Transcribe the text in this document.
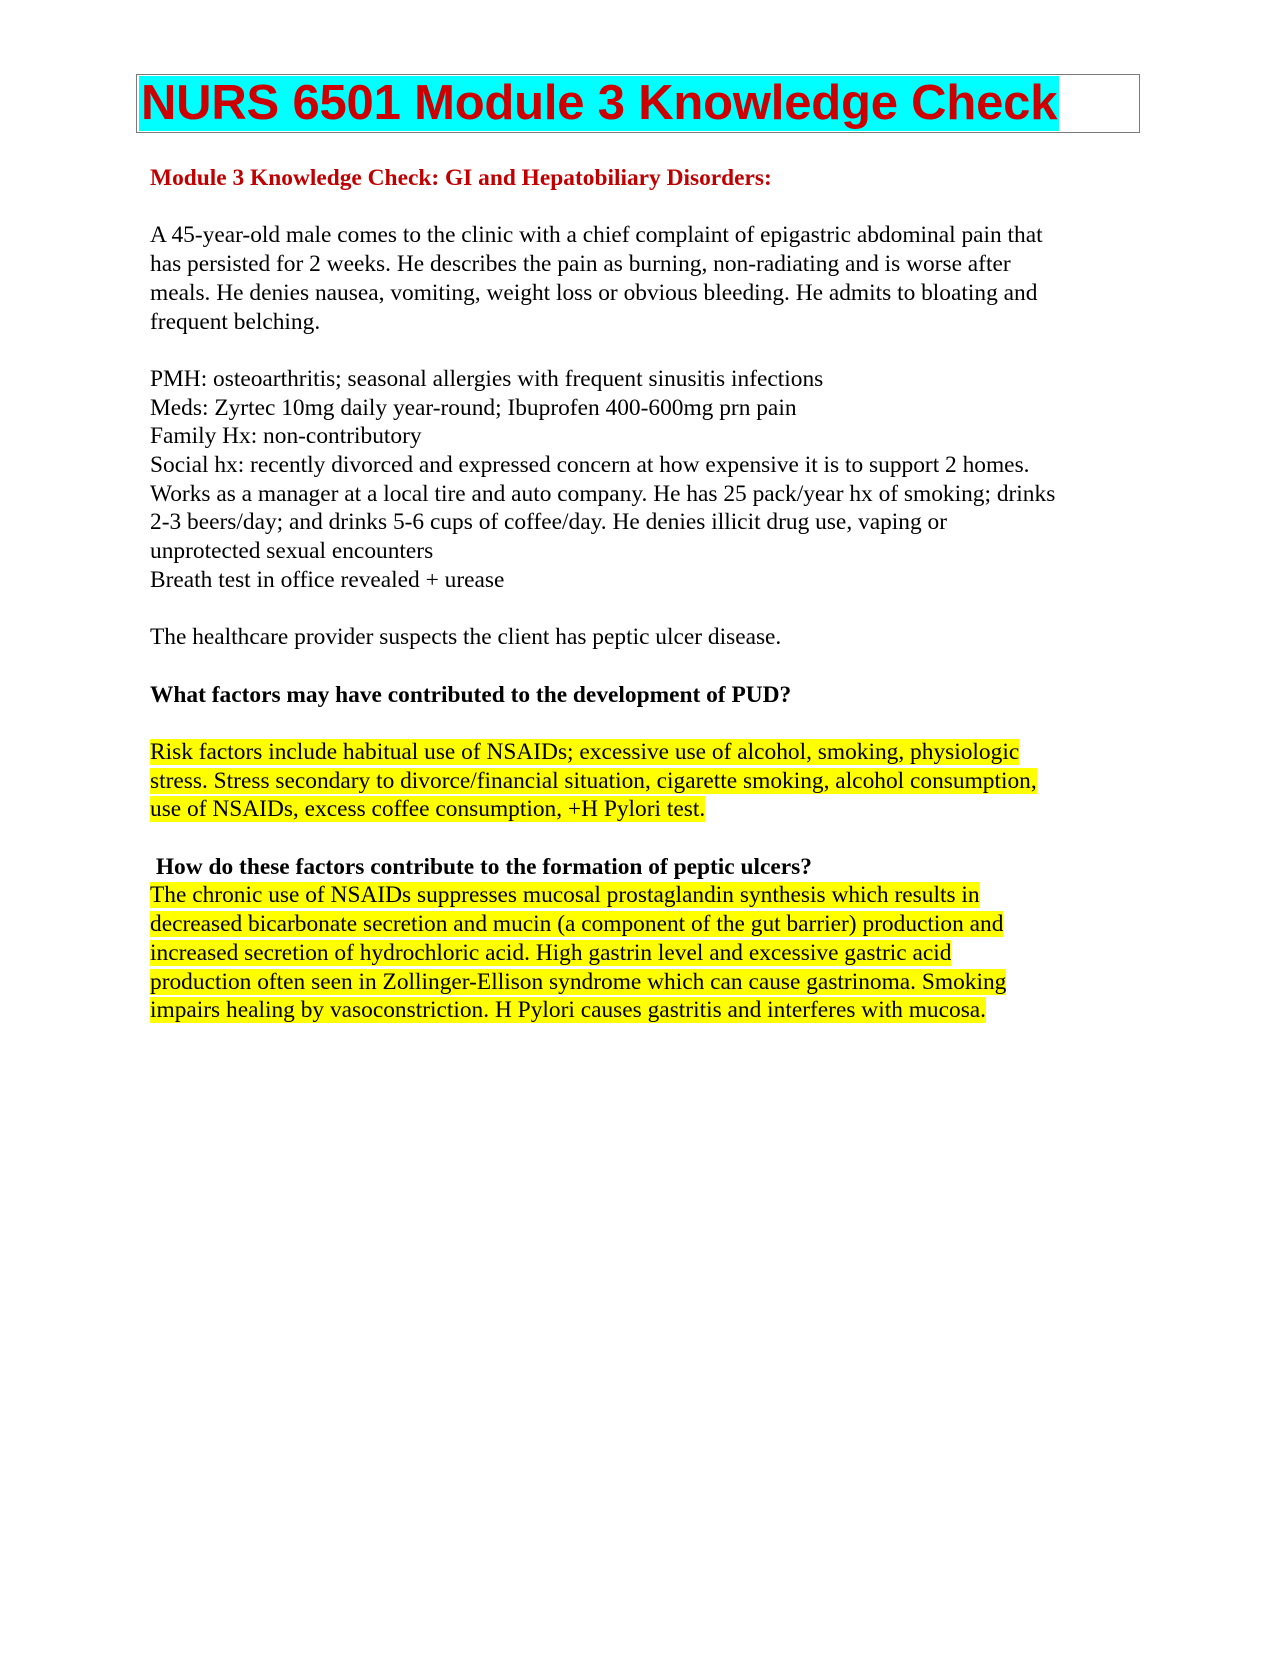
NURS 6501 Module 3 Knowledge Check

Module 3 Knowledge Check: GI and Hepatobiliary Disorders:

A 45-year-old male comes to the clinic with a chief complaint of epigastric abdominal pain that
has persisted for 2 weeks. He describes the pain as burning, non-radiating and is worse after
meals. He denies nausea, vomiting, weight loss or obvious bleeding. He admits to bloating and
frequent belching.
PMH: osteoarthritis; seasonal allergies with frequent sinusitis infections
Meds: Zyrtec 10mg daily year-round; Ibuprofen 400-600mg prn pain
Family Hx: non-contributory
Social hx: recently divorced and expressed concern at how expensive it is to support 2 homes.
Works as a manager at a local tire and auto company. He has 25 pack/year hx of smoking; drinks
2-3 beers/day; and drinks 5-6 cups of coffee/day. He denies illicit drug use, vaping or
unprotected sexual encounters
Breath test in office revealed + urease

The healthcare provider suspects the client has peptic ulcer disease.

What factors may have contributed to the development of PUD?

Risk factors include habitual use of NSAIDs; excessive use of alcohol, smoking, physiologic
stress. Stress secondary to divorce/financial situation, cigarette smoking, alcohol consumption,
use of NSAIDs, excess coffee consumption, +H Pylori test.

How do these factors contribute to the formation of peptic ulcers?

The chronic use of NSAIDs suppresses mucosal prostaglandin synthesis which results in
decreased bicarbonate secretion and mucin (a component of the gut barrier) production and
increased secretion of hydrochloric acid. High gastrin level and excessive gastric acid
production often seen in Zollinger-Ellison syndrome which can cause gastrinoma. Smoking
impairs healing by vasoconstriction. H Pylori causes gastritis and interferes with mucosa.
